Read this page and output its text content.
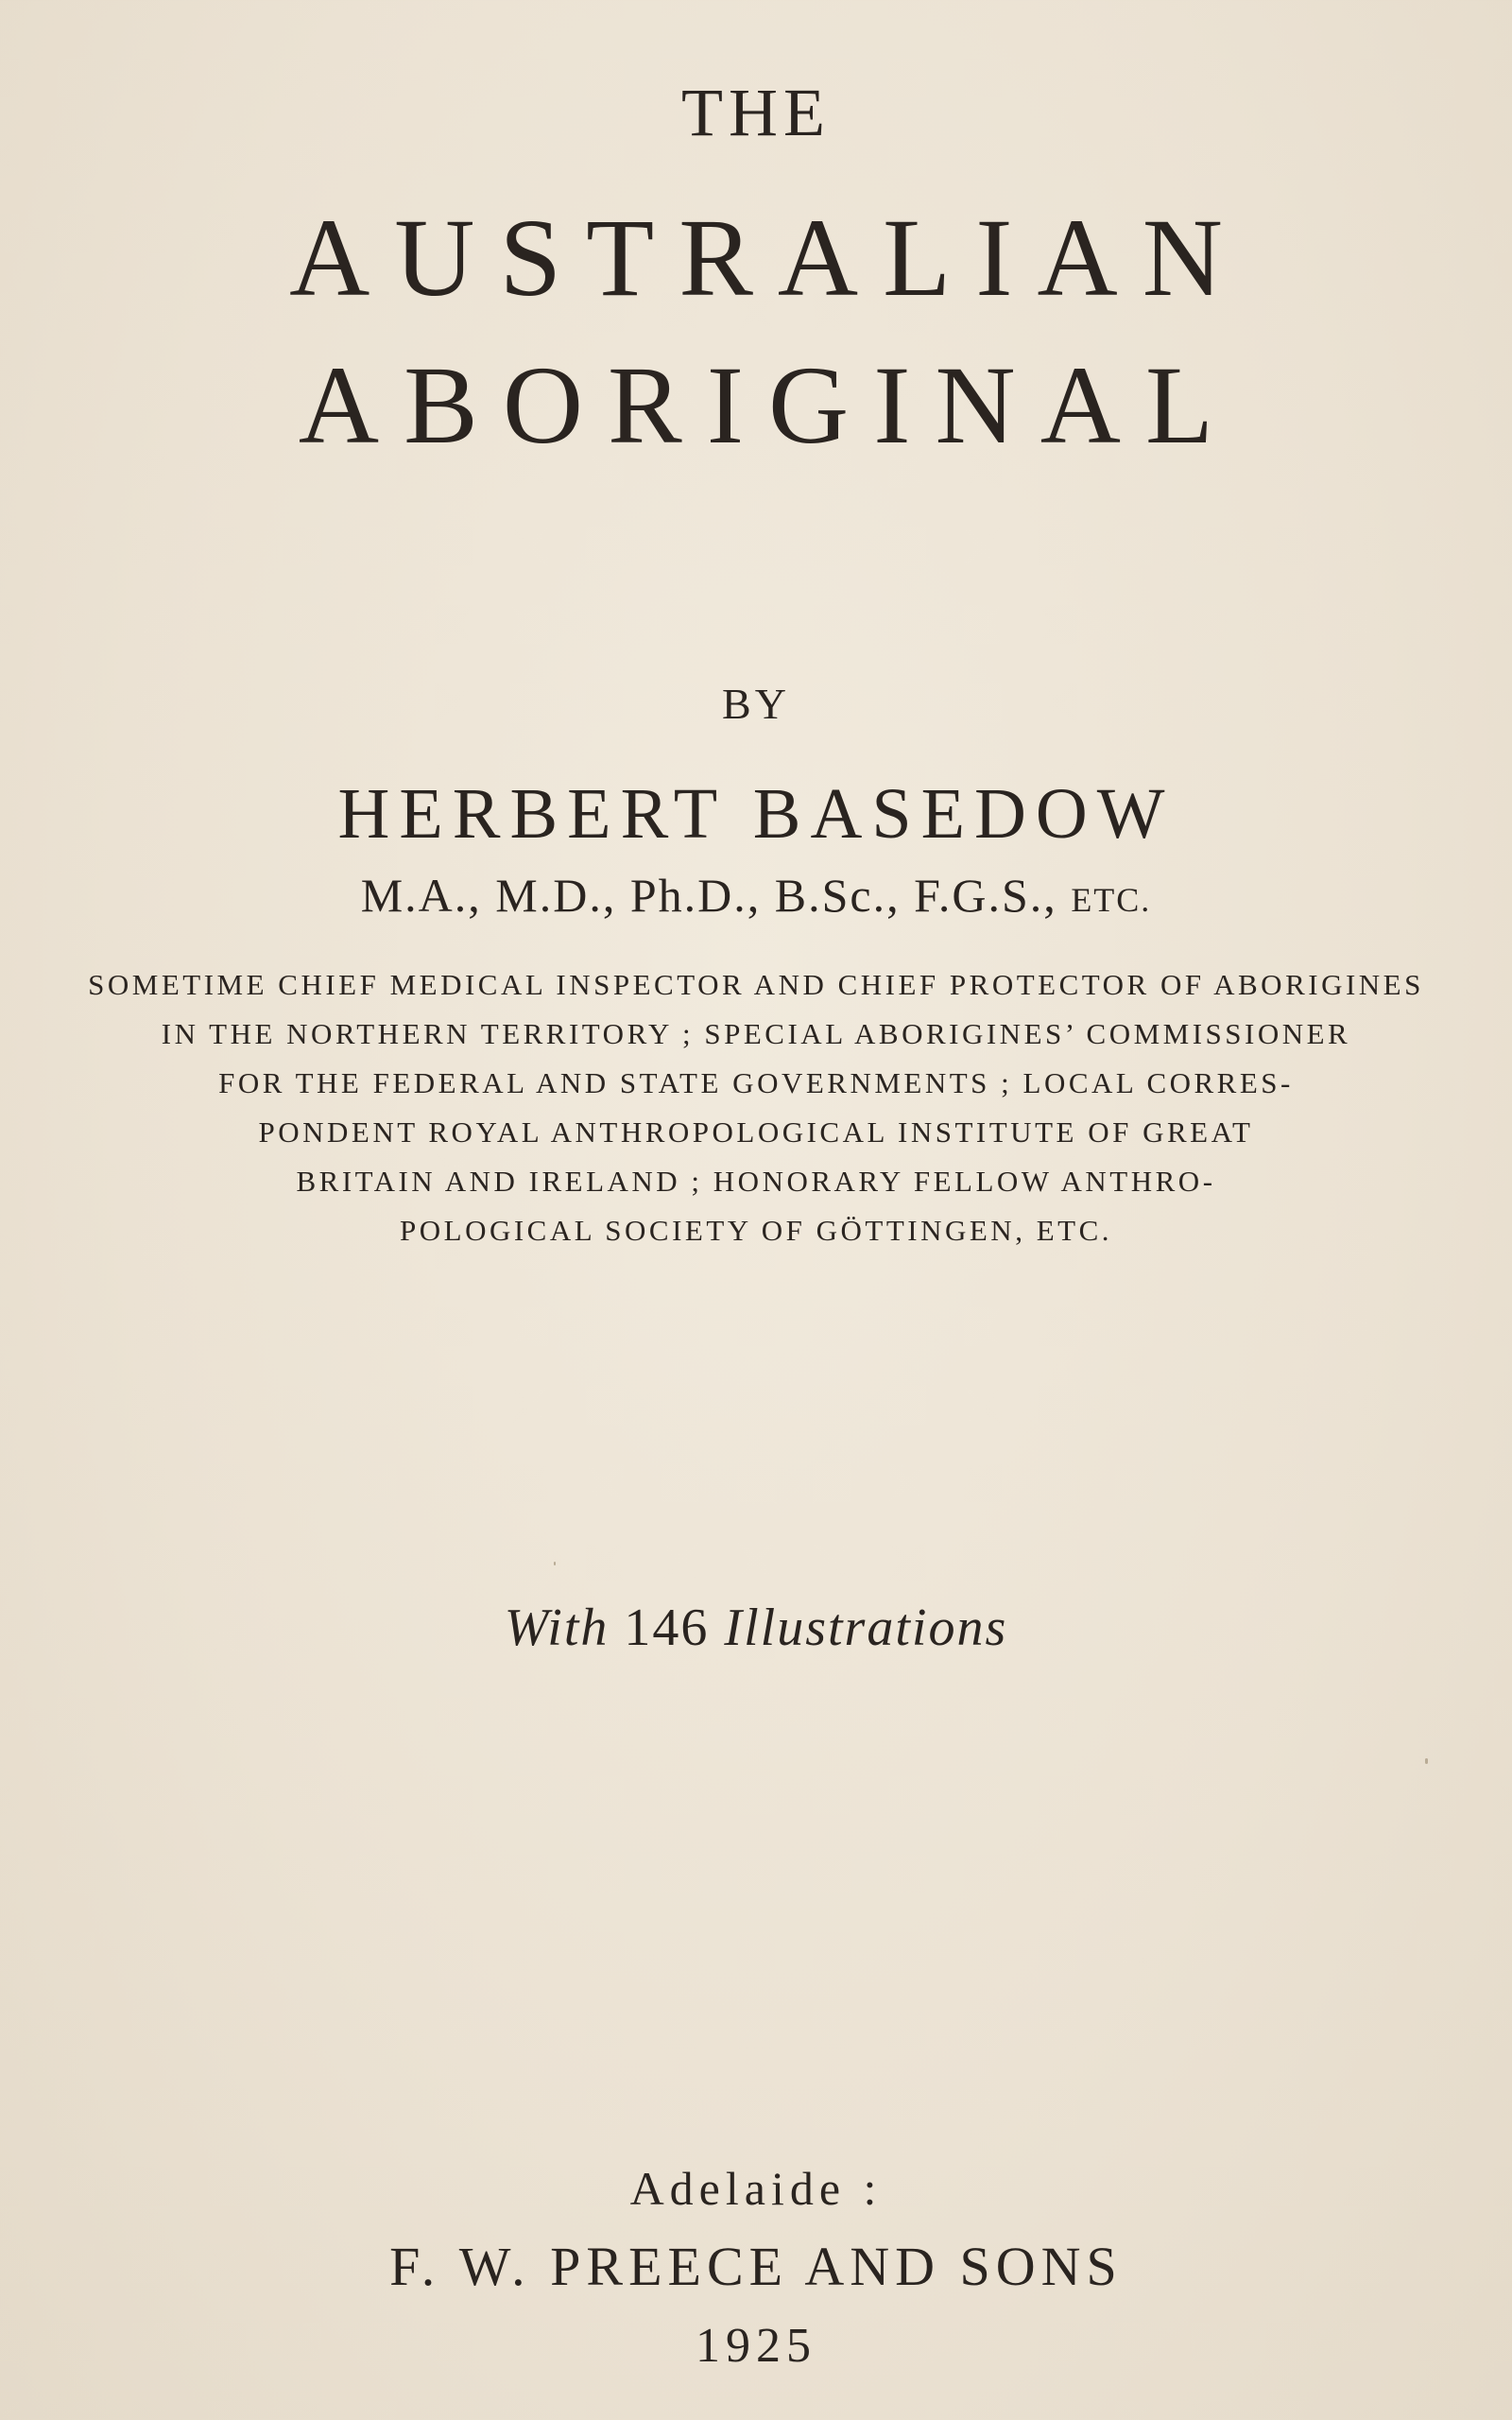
THE
AUSTRALIAN
ABORIGINAL
BY
HERBERT BASEDOW
M.A., M.D., Ph.D., B.Sc., F.G.S., ETC.
SOMETIME CHIEF MEDICAL INSPECTOR AND CHIEF PROTECTOR OF ABORIGINES
IN THE NORTHERN TERRITORY ; SPECIAL ABORIGINES’ COMMISSIONER
FOR THE FEDERAL AND STATE GOVERNMENTS ; LOCAL CORRES-
PONDENT ROYAL ANTHROPOLOGICAL INSTITUTE OF GREAT
BRITAIN AND IRELAND ; HONORARY FELLOW ANTHRO-
POLOGICAL SOCIETY OF GÖTTINGEN, ETC.
With 146 Illustrations
Adelaide :
F. W. PREECE AND SONS
1925
